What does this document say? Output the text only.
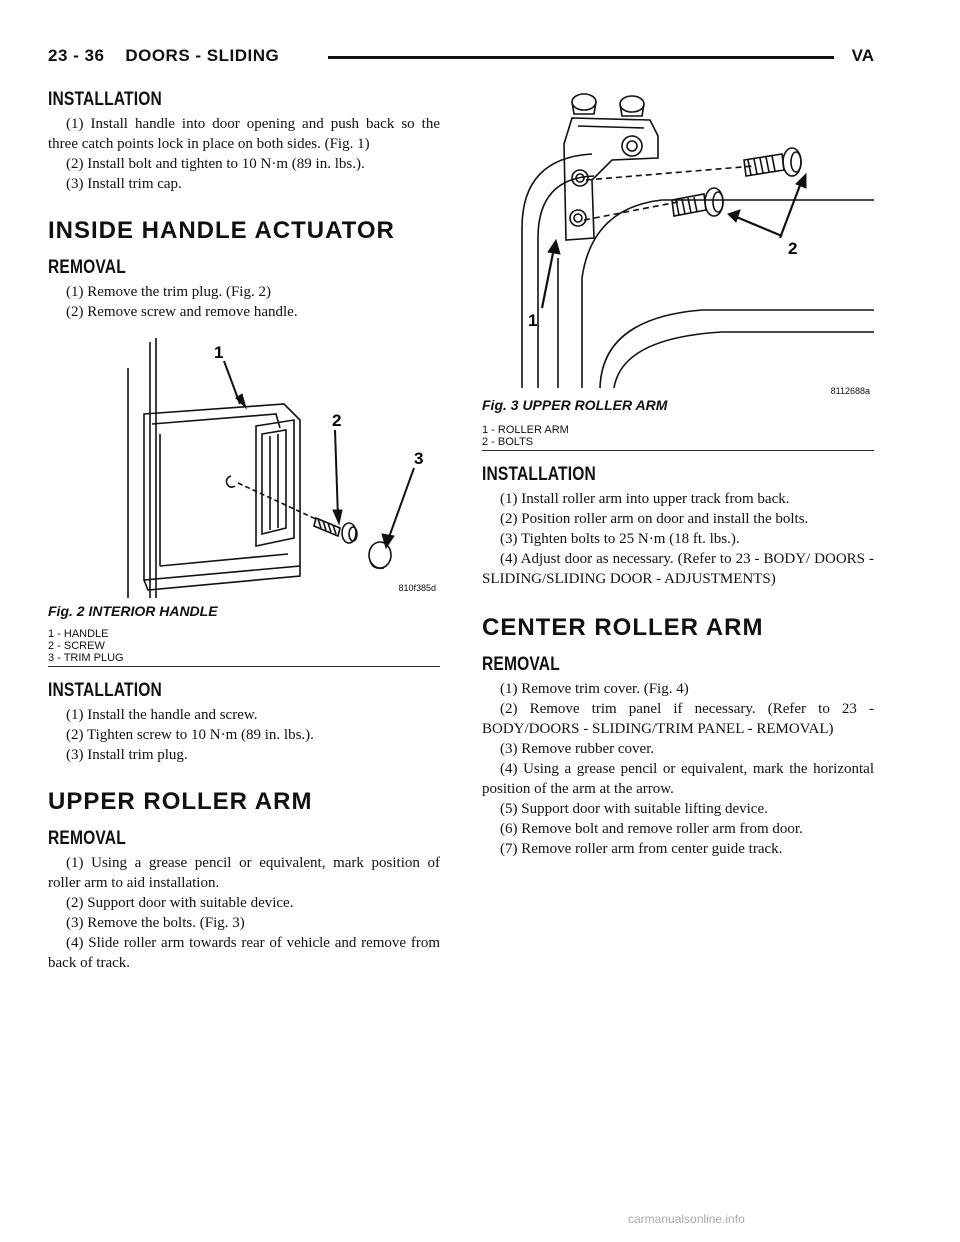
23 - 36    DOORS - SLIDING	VA
INSTALLATION

(1) Install handle into door opening and push back so the three catch points lock in place on both sides. (Fig. 1)

(2) Install bolt and tighten to 10 N·m (89 in. lbs.).

(3) Install trim cap.

INSIDE HANDLE ACTUATOR
REMOVAL

(1) Remove the trim plug. (Fig. 2)

(2) Remove screw and remove handle.

1
2
3
810f385d
Fig. 2 INTERIOR HANDLE
1 - HANDLE
2 - SCREW
3 - TRIM PLUG
INSTALLATION

(1) Install the handle and screw.

(2) Tighten screw to 10 N·m (89 in. lbs.).

(3) Install trim plug.

UPPER ROLLER ARM
REMOVAL

(1) Using a grease pencil or equivalent, mark position of roller arm to aid installation.

(2) Support door with suitable device.

(3) Remove the bolts. (Fig. 3)

(4) Slide roller arm towards rear of vehicle and remove from back of track.

2
1
8112688a
Fig. 3 UPPER ROLLER ARM
1 - ROLLER ARM
2 - BOLTS
INSTALLATION

(1) Install roller arm into upper track from back.

(2) Position roller arm on door and install the bolts.

(3) Tighten bolts to 25 N·m (18 ft. lbs.).

(4) Adjust door as necessary. (Refer to 23 - BODY/ DOORS - SLIDING/SLIDING DOOR - ADJUSTMENTS)

CENTER ROLLER ARM
REMOVAL

(1) Remove trim cover. (Fig. 4)

(2) Remove trim panel if necessary. (Refer to 23 - BODY/DOORS - SLIDING/TRIM PANEL - REMOVAL)

(3) Remove rubber cover.

(4) Using a grease pencil or equivalent, mark the horizontal position of the arm at the arrow.

(5) Support door with suitable lifting device.

(6) Remove bolt and remove roller arm from door.

(7) Remove roller arm from center guide track.

carmanualsonline.info
